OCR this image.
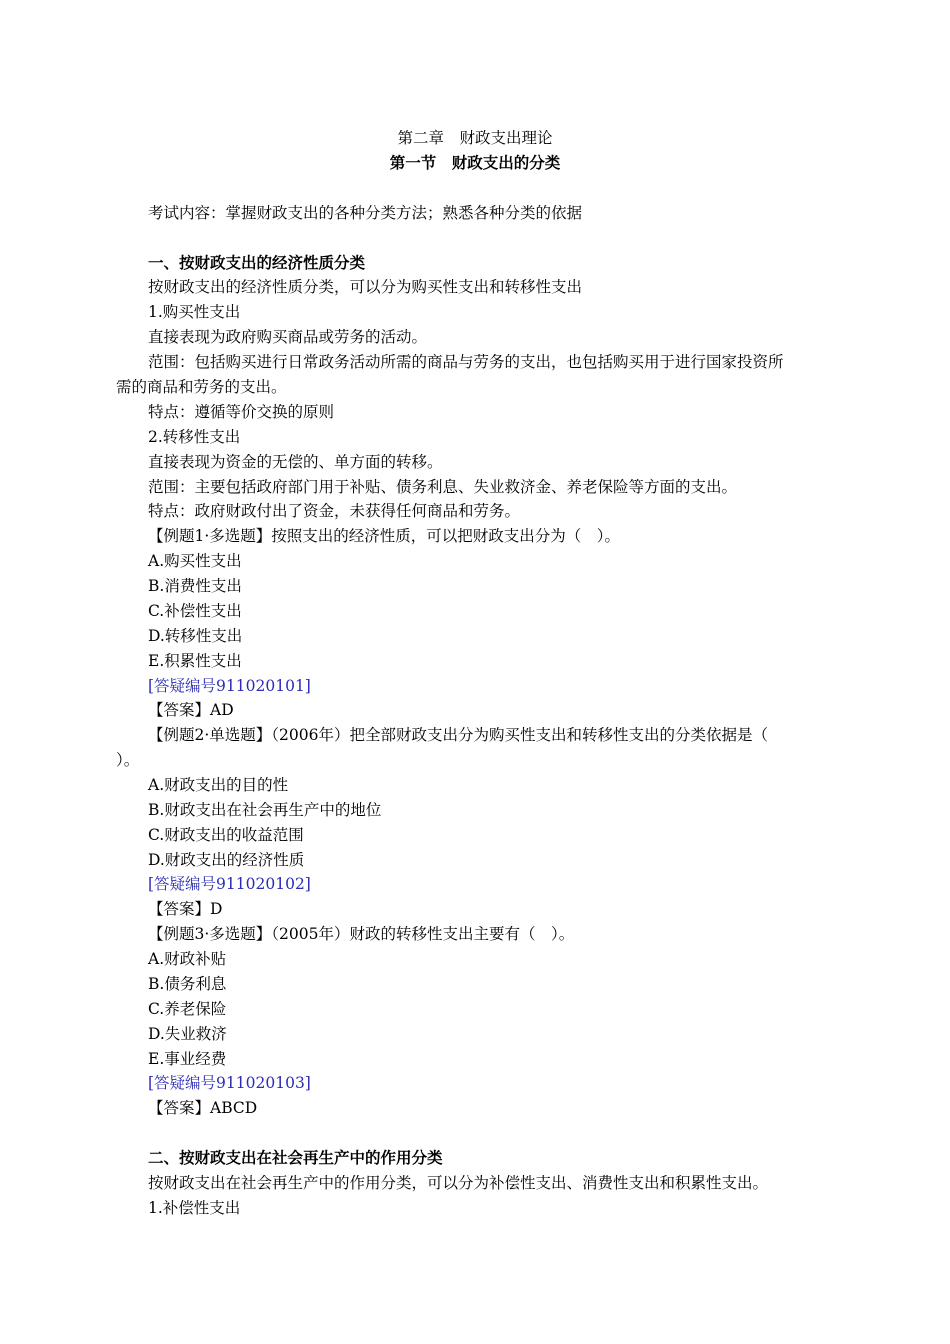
第二章　财政支出理论
第一节　财政支出的分类
考试内容：掌握财政支出的各种分类方法；熟悉各种分类的依据
一、按财政支出的经济性质分类
按财政支出的经济性质分类，可以分为购买性支出和转移性支出
1.购买性支出
直接表现为政府购买商品或劳务的活动。
范围：包括购买进行日常政务活动所需的商品与劳务的支出，也包括购买用于进行国家投资所
需的商品和劳务的支出。
特点：遵循等价交换的原则
2.转移性支出
直接表现为资金的无偿的、单方面的转移。
范围：主要包括政府部门用于补贴、债务利息、失业救济金、养老保险等方面的支出。
特点：政府财政付出了资金，未获得任何商品和劳务。
【例题1·多选题】按照支出的经济性质，可以把财政支出分为（　）。
A.购买性支出
B.消费性支出
C.补偿性支出
D.转移性支出
E.积累性支出
[答疑编号911020101]
【答案】AD
【例题2·单选题】（2006年）把全部财政支出分为购买性支出和转移性支出的分类依据是（
）。
A.财政支出的目的性
B.财政支出在社会再生产中的地位
C.财政支出的收益范围
D.财政支出的经济性质
[答疑编号911020102]
【答案】D
【例题3·多选题】（2005年）财政的转移性支出主要有（　）。
A.财政补贴
B.债务利息
C.养老保险
D.失业救济
E.事业经费
[答疑编号911020103]
【答案】ABCD
二、按财政支出在社会再生产中的作用分类
按财政支出在社会再生产中的作用分类，可以分为补偿性支出、消费性支出和积累性支出。
1.补偿性支出
